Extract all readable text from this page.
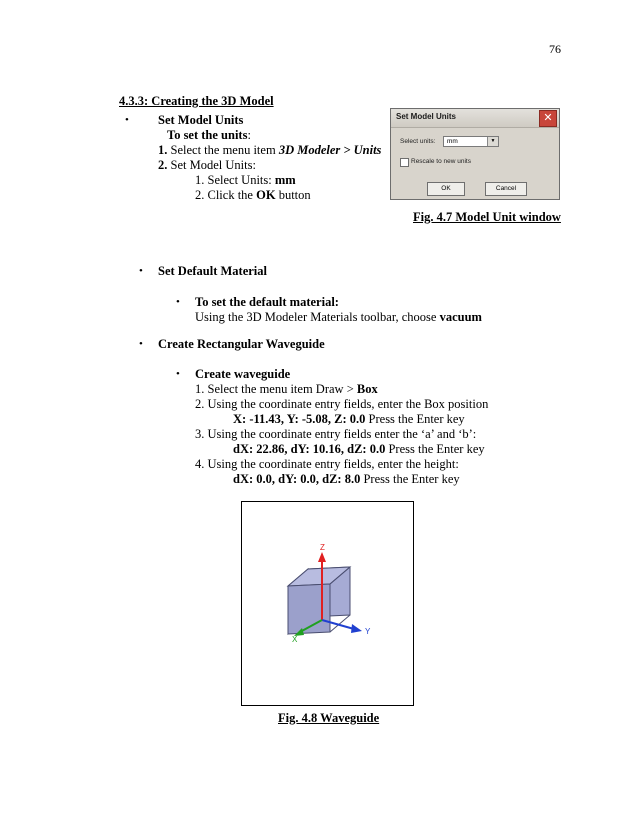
76
4.3.3: Creating the 3D Model
• Set Model Units
To set the units:
1. Select the menu item 3D Modeler > Units
2. Set Model Units:
1. Select Units: mm
2. Click the OK button
Set Model Units	✕
Select units: mm	▼
Rescale to new units
OK	Cancel
Fig. 4.7 Model Unit window
• Set Default Material
• To set the default material:
Using the 3D Modeler Materials toolbar, choose vacuum
• Create Rectangular Waveguide
• Create waveguide
1. Select the menu item Draw > Box
2. Using the coordinate entry fields, enter the Box position
X: -11.43, Y: -5.08, Z: 0.0 Press the Enter key
3. Using the coordinate entry fields enter the ‘a’ and ‘b’:
dX: 22.86, dY: 10.16, dZ: 0.0 Press the Enter key
4. Using the coordinate entry fields, enter the height:
dX: 0.0, dY: 0.0, dZ: 8.0 Press the Enter key
Z
Y
X
Fig. 4.8 Waveguide
